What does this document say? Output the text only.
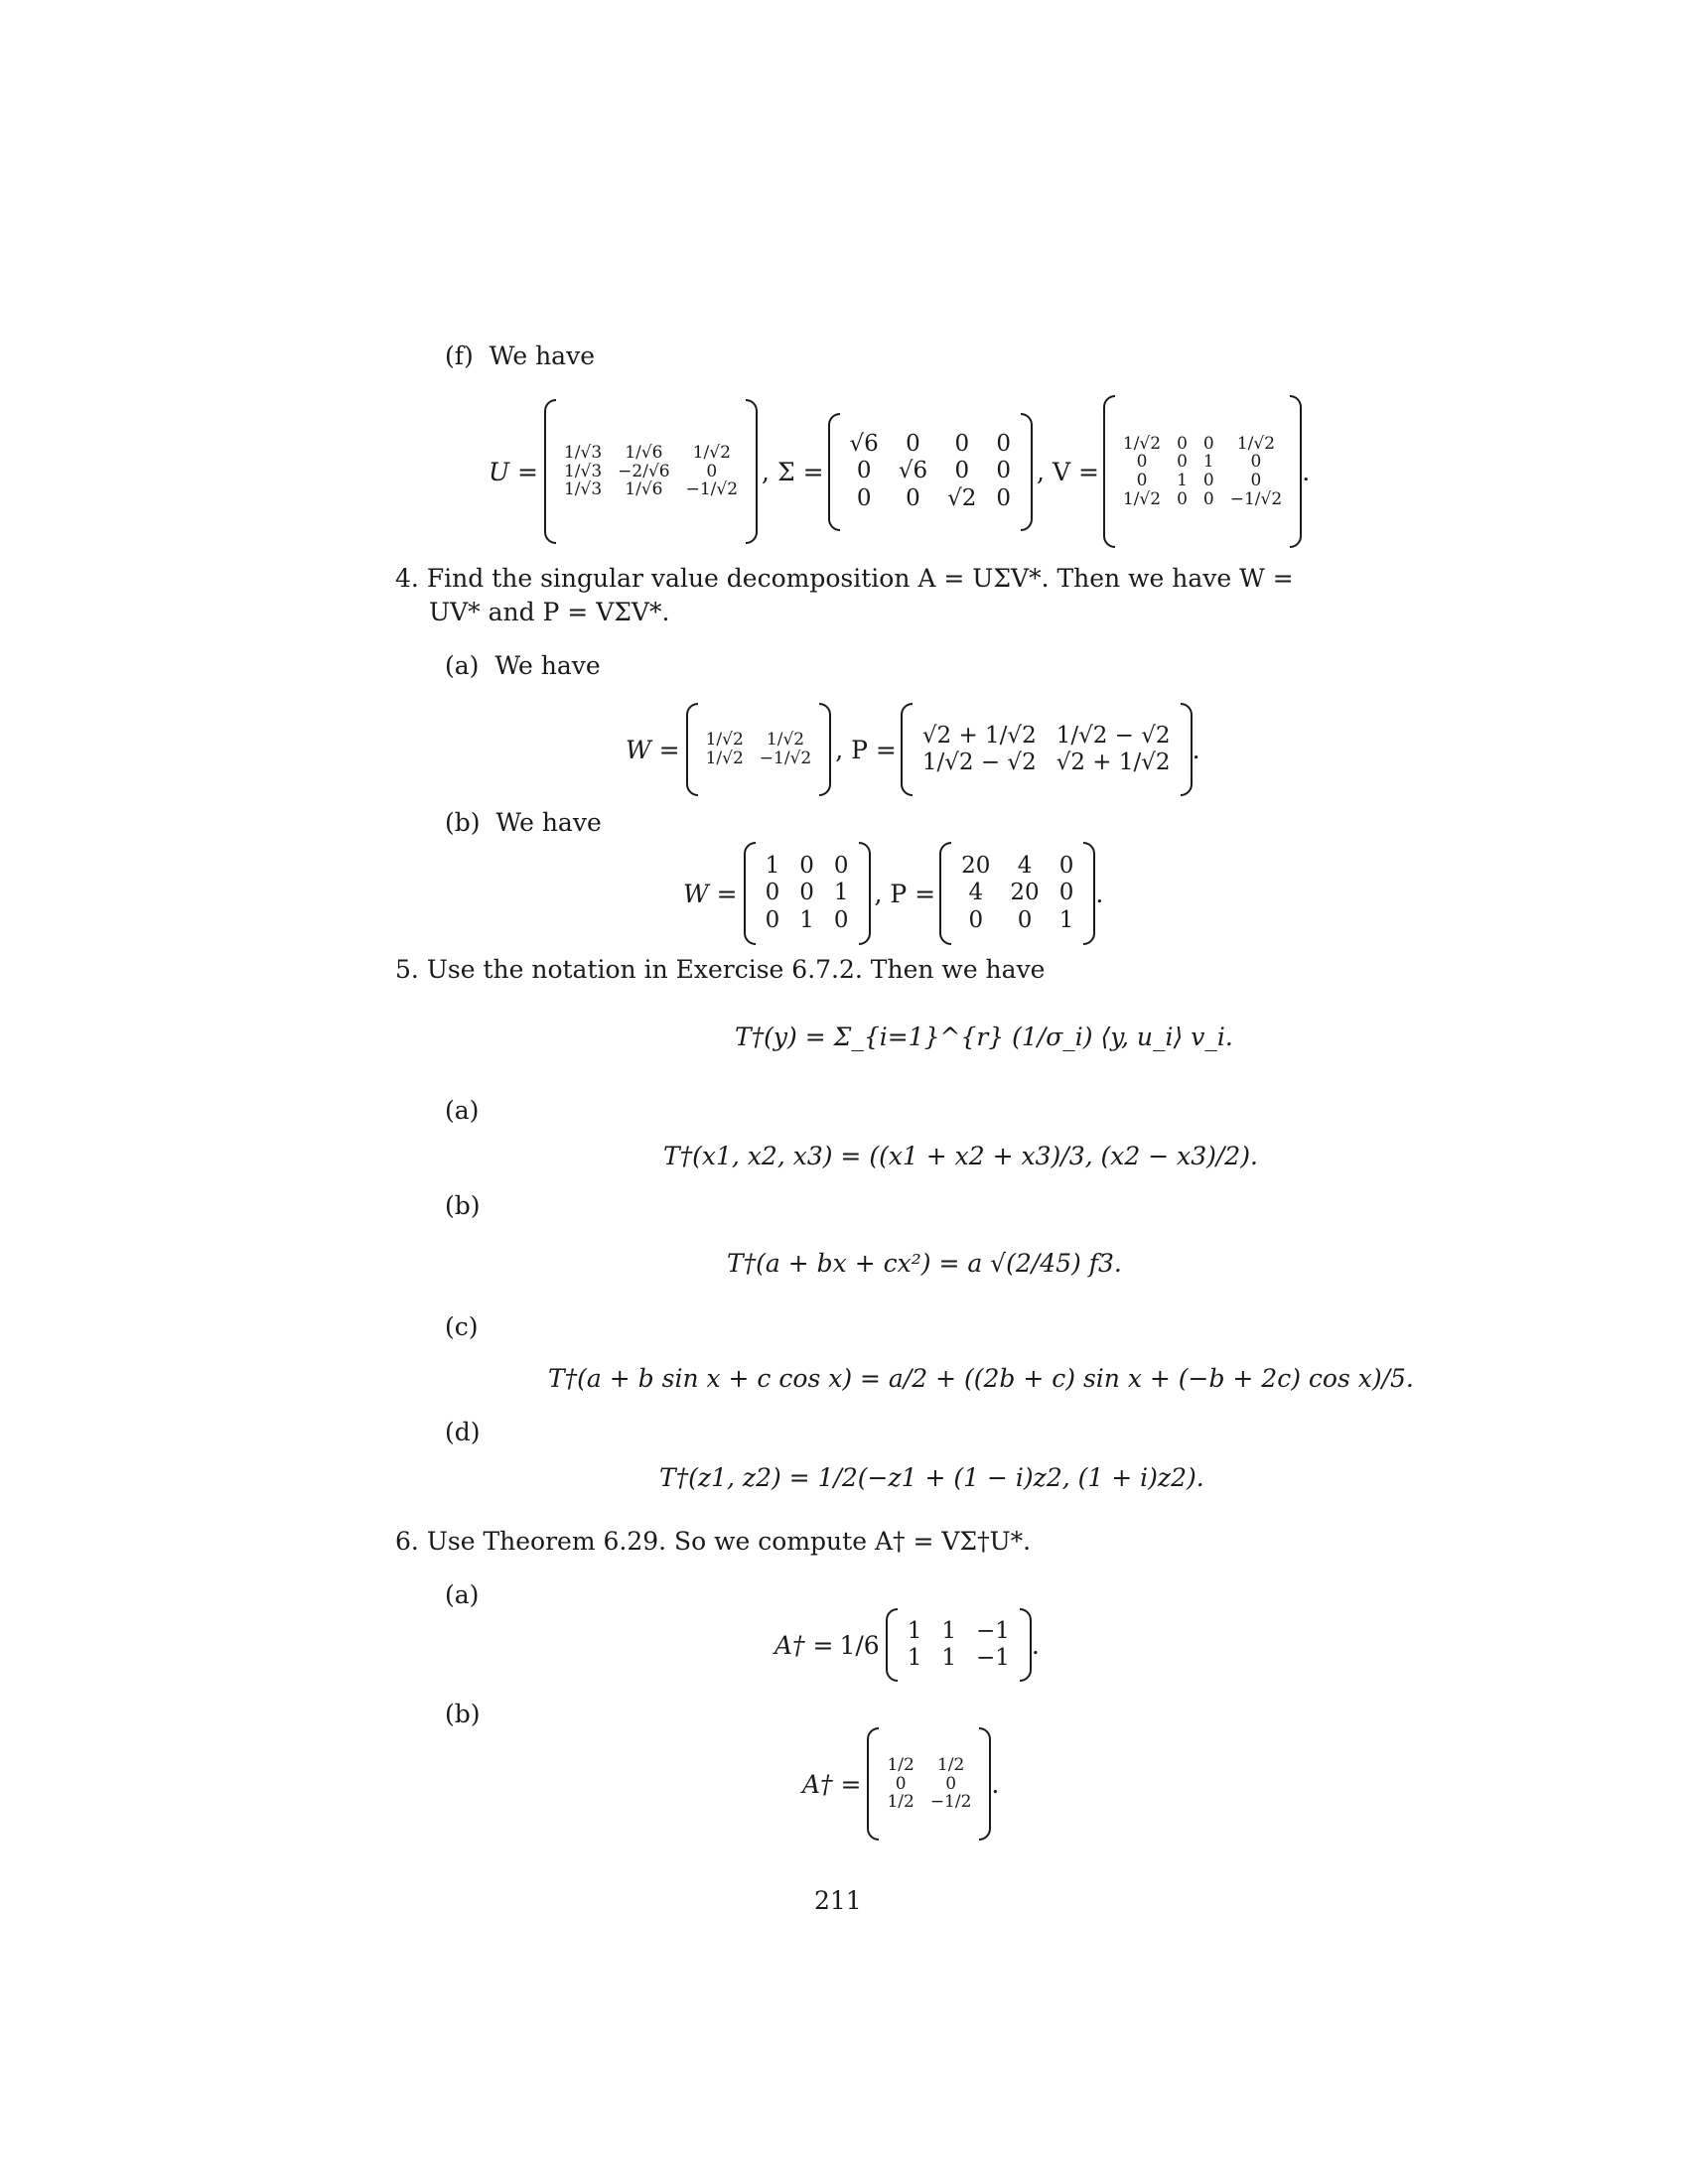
(f) We have
U =
1/√3	1/√6	1/√2
1/√3	−2/√6	0
1/√3	1/√6	−1/√2
, Σ =
√6	0	0	0
0	√6	0	0
0	0	√2	0
, V =
1/√2	0	0	1/√2
0	0	1	0
0	1	0	0
1/√2	0	0	−1/√2
.
4. Find the singular value decomposition A = UΣV*. Then we have W =
UV* and P = VΣV*.
(a) We have
W = 1/√2	1/√2
1/√2	−1/√2 , P = √2 + 1/√2	1/√2 − √2
1/√2 − √2	√2 + 1/√2 .
(b) We have
W =
1	0	0
0	0	1
0	1	0
, P =
20	4	0
4	20	0
0	0	1
.
5. Use the notation in Exercise 6.7.2. Then we have
T†(y) = Σ_{i=1}^{r} (1/σ_i) ⟨y, u_i⟩ v_i.
(a)
T†(x1, x2, x3) = ((x1 + x2 + x3)/3, (x2 − x3)/2).
(b)
T†(a + bx + cx²) = a √(2/45) f3.
(c)
T†(a + b sin x + c cos x) = a/2 + ((2b + c) sin x + (−b + 2c) cos x)/5.
(d)
T†(z1, z2) = 1/2(−z1 + (1 − i)z2, (1 + i)z2).
6. Use Theorem 6.29. So we compute A† = VΣ†U*.
(a)
A† = 1/6 1	1	−1
1	1	−1 .
(b)
A† =
1/2	1/2
0	0
1/2	−1/2
.
211
